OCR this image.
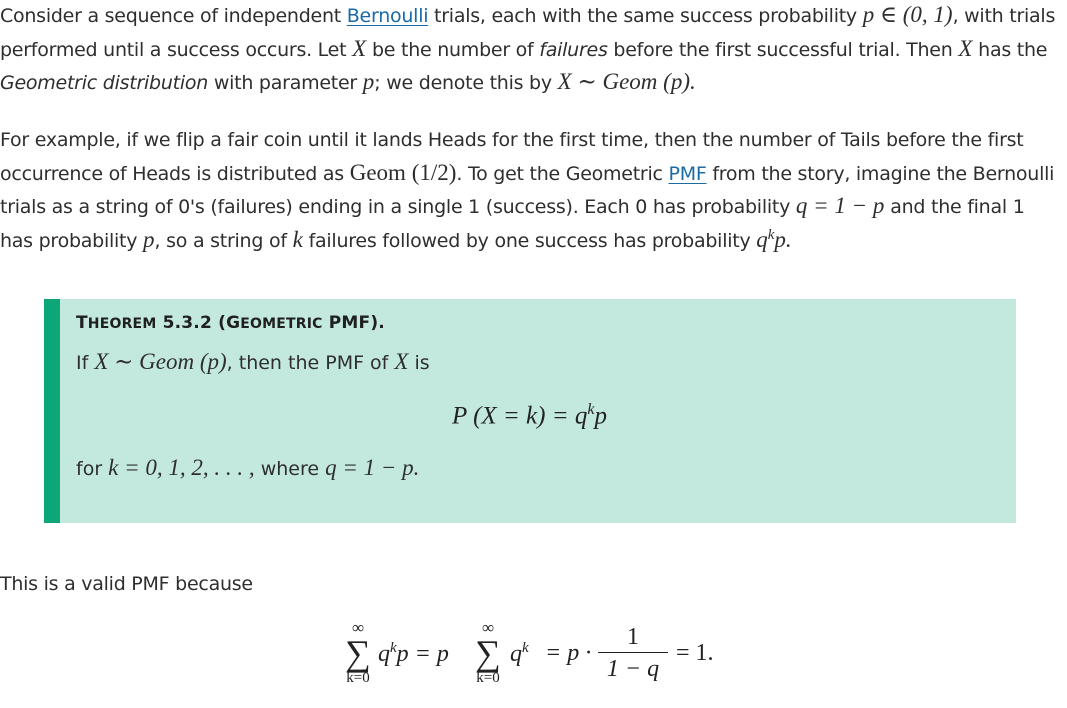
Consider a sequence of independent Bernoulli trials, each with the same success probability p ∈ (0, 1), with trials performed until a success occurs. Let X be the number of failures before the first successful trial. Then X has the Geometric distribution with parameter p; we denote this by X ∼ Geom (p).

For example, if we flip a fair coin until it lands Heads for the first time, then the number of Tails before the first occurrence of Heads is distributed as Geom (1/2). To get the Geometric PMF from the story, imagine the Bernoulli trials as a string of 0's (failures) ending in a single 1 (success). Each 0 has probability q = 1 − p and the final 1 has probability p, so a string of k failures followed by one success has probability $q^kp$.

THEOREM 5.3.2 (GEOMETRIC PMF).
If X ∼ Geom (p), then the PMF of X is
P $(X = k) = q^kp$
for k = 0, 1, 2, . . . , where q = 1 − p.

This is a valid PMF because

∞
∑
k=0
$q^kp = p$
∞
∑
k=0
$q^k = p \cdot \frac{1}{1 - q} = 1$.
